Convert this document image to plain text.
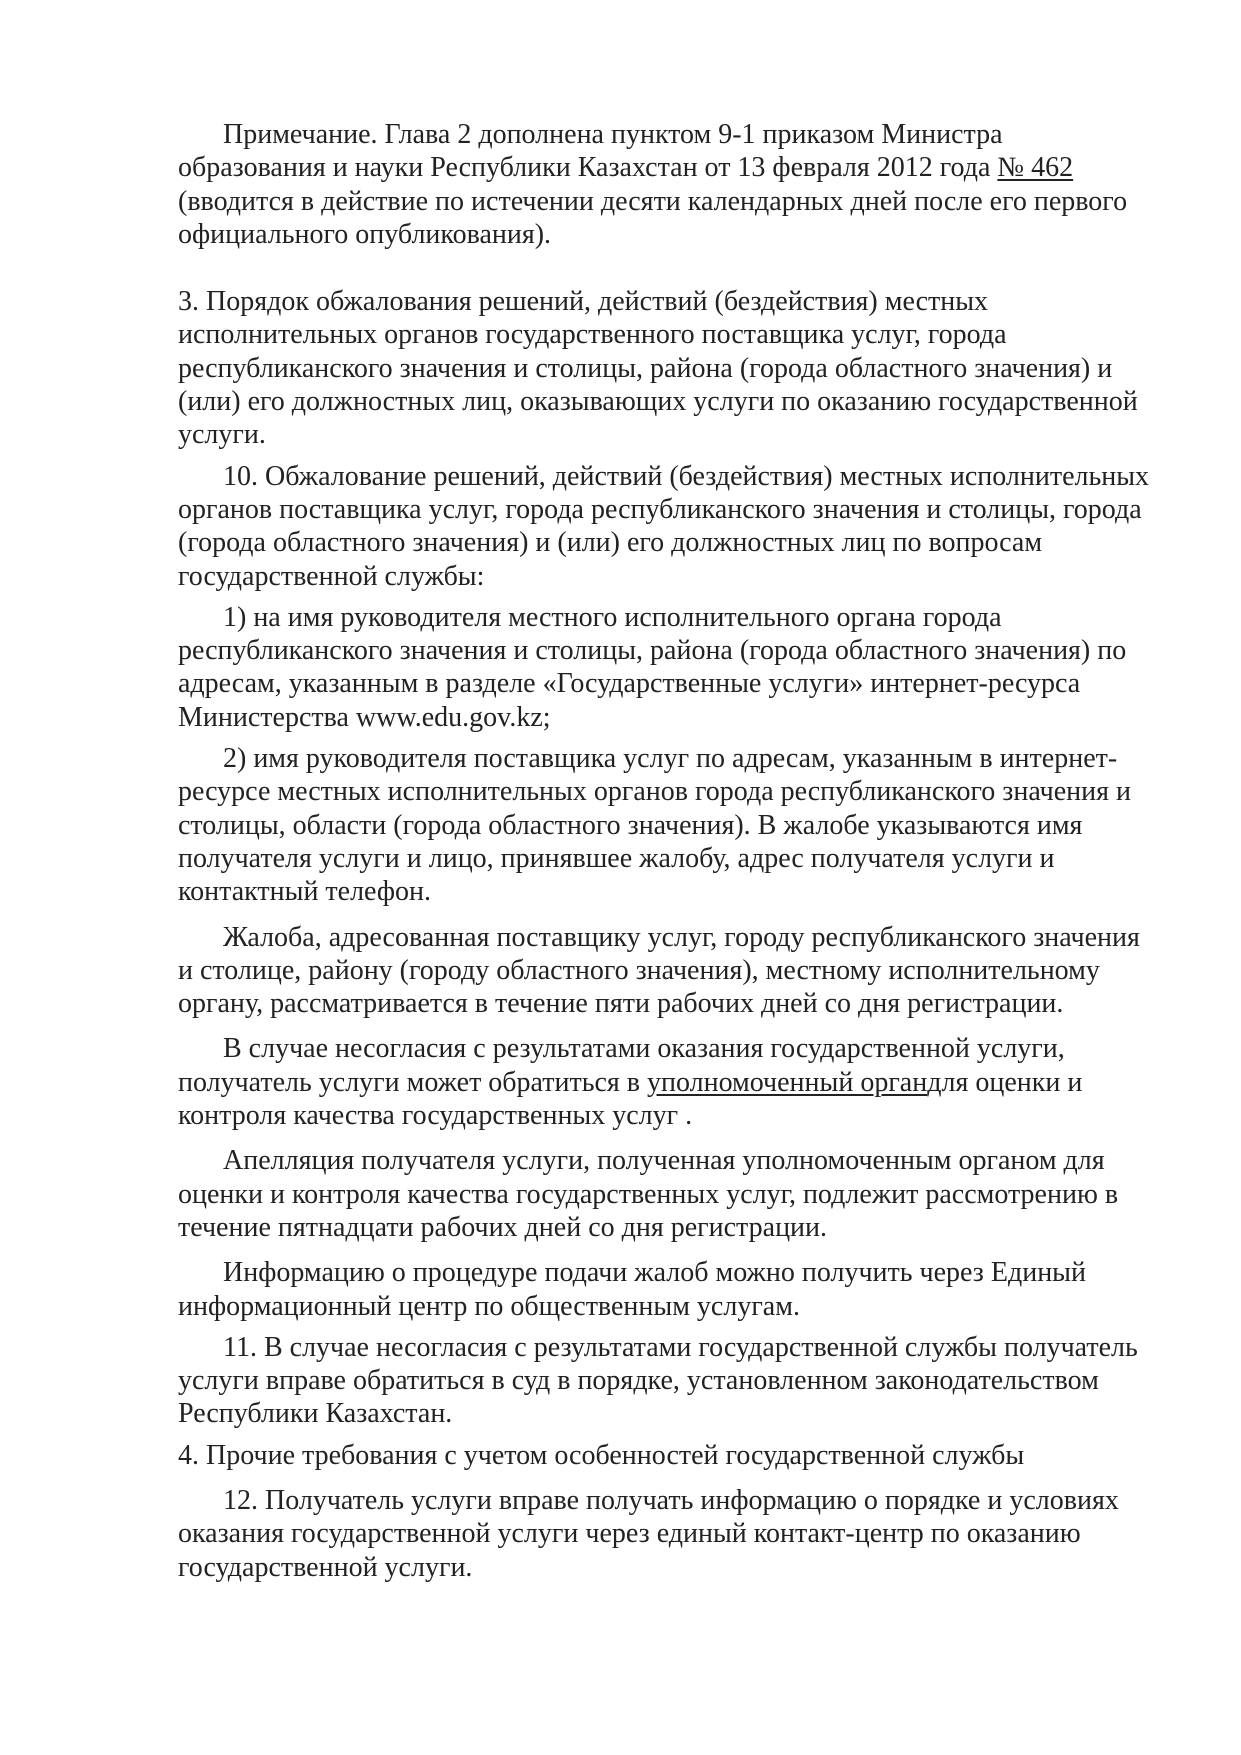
Примечание. Глава 2 дополнена пунктом 9-1 приказом Министра образования и науки Республики Казахстан от 13 февраля 2012 года № 462 (вводится в действие по истечении десяти календарных дней после его первого официального опубликования).

3. Порядок обжалования решений, действий (бездействия) местных исполнительных органов государственного поставщика услуг, города республиканского значения и столицы, района (города областного значения) и (или) его должностных лиц, оказывающих услуги по оказанию государственной услуги.

10. Обжалование решений, действий (бездействия) местных исполнительных органов поставщика услуг, города республиканского значения и столицы, города (города областного значения) и (или) его должностных лиц по вопросам государственной службы:

1) на имя руководителя местного исполнительного органа города республиканского значения и столицы, района (города областного значения) по адресам, указанным в разделе «Государственные услуги» интернет-ресурса Министерства www.edu.gov.kz;

2) имя руководителя поставщика услуг по адресам, указанным в интернет-ресурсе местных исполнительных органов города республиканского значения и столицы, области (города областного значения). В жалобе указываются имя получателя услуги и лицо, принявшее жалобу, адрес получателя услуги и контактный телефон.

Жалоба, адресованная поставщику услуг, городу республиканского значения и столице, району (городу областного значения), местному исполнительному органу, рассматривается в течение пяти рабочих дней со дня регистрации.

В случае несогласия с результатами оказания государственной услуги, получатель услуги может обратиться в уполномоченный органдля оценки и контроля качества государственных услуг .

Апелляция получателя услуги, полученная уполномоченным органом для оценки и контроля качества государственных услуг, подлежит рассмотрению в течение пятнадцати рабочих дней со дня регистрации.

Информацию о процедуре подачи жалоб можно получить через Единый информационный центр по общественным услугам.

11. В случае несогласия с результатами государственной службы получатель услуги вправе обратиться в суд в порядке, установленном законодательством Республики Казахстан.

4. Прочие требования с учетом особенностей государственной службы

12. Получатель услуги вправе получать информацию о порядке и условиях оказания государственной услуги через единый контакт-центр по оказанию государственной услуги.
